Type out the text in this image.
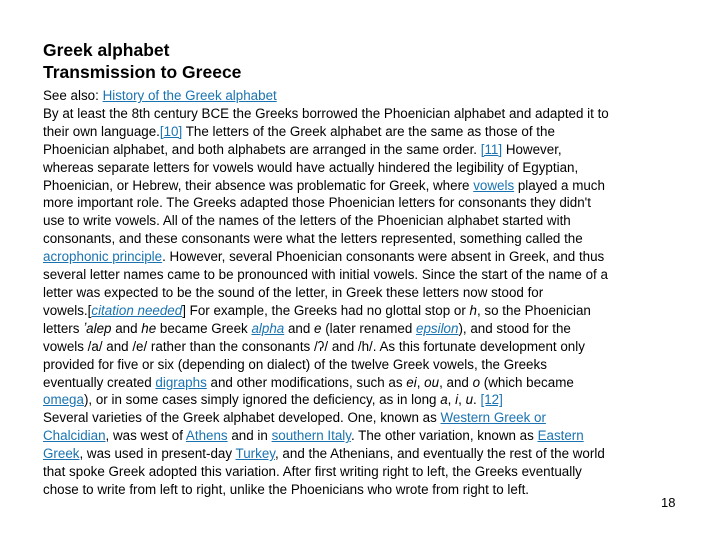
Greek alphabet
Transmission to Greece
See also: History of the Greek alphabet
By at least the 8th century BCE the Greeks borrowed the Phoenician alphabet and adapted it to
their own language.[10] The letters of the Greek alphabet are the same as those of the
Phoenician alphabet, and both alphabets are arranged in the same order. [11] However,
whereas separate letters for vowels would have actually hindered the legibility of Egyptian,
Phoenician, or Hebrew, their absence was problematic for Greek, where vowels played a much
more important role. The Greeks adapted those Phoenician letters for consonants they didn't
use to write vowels. All of the names of the letters of the Phoenician alphabet started with
consonants, and these consonants were what the letters represented, something called the
acrophonic principle. However, several Phoenician consonants were absent in Greek, and thus
several letter names came to be pronounced with initial vowels. Since the start of the name of a
letter was expected to be the sound of the letter, in Greek these letters now stood for
vowels.[citation needed] For example, the Greeks had no glottal stop or h, so the Phoenician
letters ʼalep and he became Greek alpha and e (later renamed epsilon), and stood for the
vowels /a/ and /e/ rather than the consonants /ʔ/ and /h/. As this fortunate development only
provided for five or six (depending on dialect) of the twelve Greek vowels, the Greeks
eventually created digraphs and other modifications, such as ei, ou, and o (which became
omega), or in some cases simply ignored the deficiency, as in long a, i, u. [12]
Several varieties of the Greek alphabet developed. One, known as Western Greek or
Chalcidian, was west of Athens and in southern Italy. The other variation, known as Eastern
Greek, was used in present-day Turkey, and the Athenians, and eventually the rest of the world
that spoke Greek adopted this variation. After first writing right to left, the Greeks eventually
chose to write from left to right, unlike the Phoenicians who wrote from right to left.
18
